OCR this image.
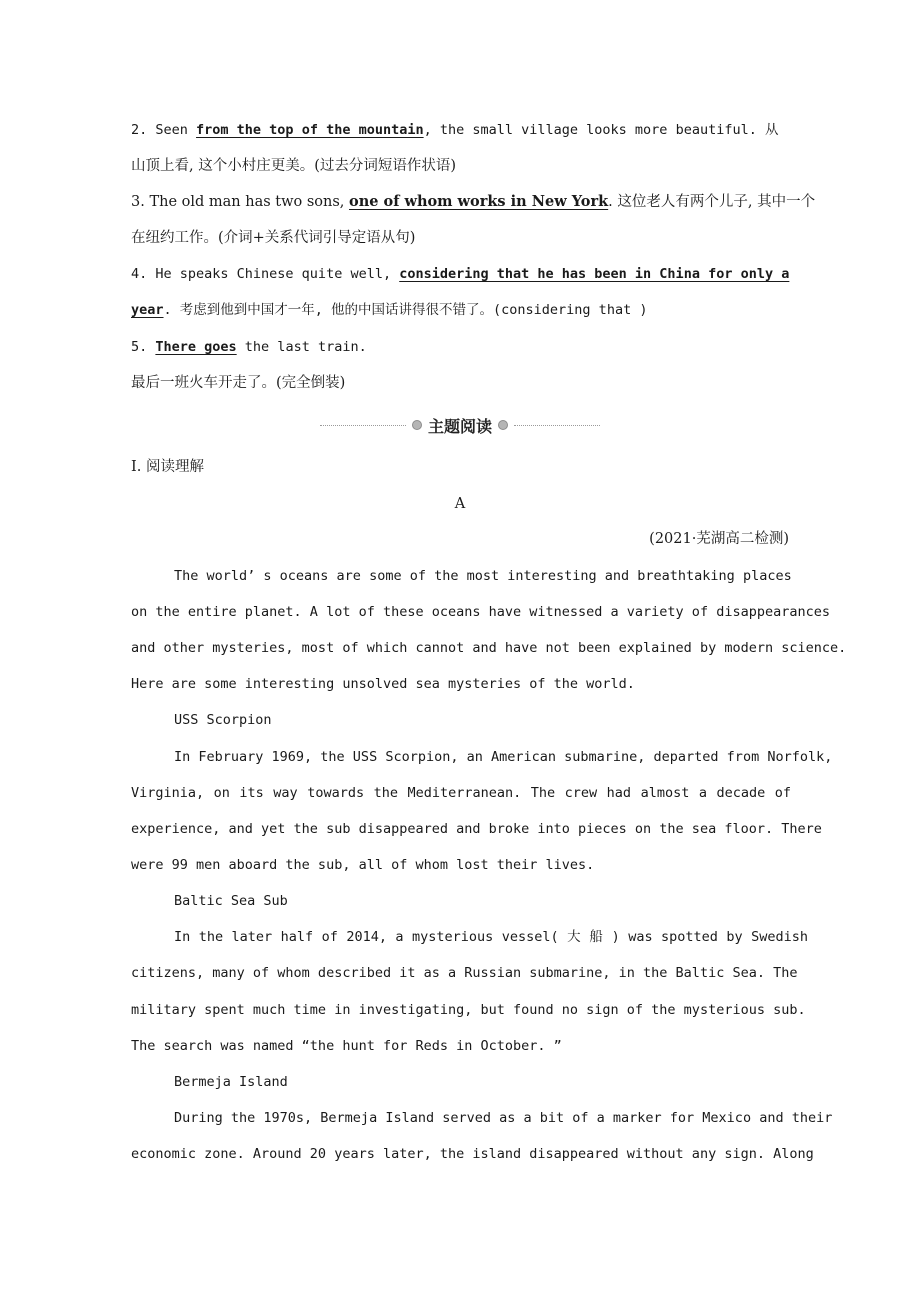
2. Seen from the top of the mountain, the small village looks more beautiful. 从
山顶上看, 这个小村庄更美。(过去分词短语作状语)
3. The old man has two sons, one of whom works in New York. 这位老人有两个儿子, 其中一个
在纽约工作。(介词+关系代词引导定语从句)
4. He speaks Chinese quite well, considering that he has been in China for only a
year. 考虑到他到中国才一年, 他的中国话讲得很不错了。(considering that )
5. There goes the last train.
最后一班火车开走了。(完全倒装)
主题阅读
Ⅰ. 阅读理解
A
(2021·芜湖高二检测)
The world’ s oceans are some of the most interesting and breathtaking places
on the entire planet. A lot of these oceans have witnessed a variety of disappearances
and other mysteries, most of which cannot and have not been explained by modern science.
Here are some interesting unsolved sea mysteries of the world.
USS Scorpion
In February 1969, the USS Scorpion, an American submarine, departed from Norfolk,
Virginia, on its way towards the Mediterranean. The crew had almost a decade of
experience, and yet the sub disappeared and broke into pieces on the sea floor. There
were 99 men aboard the sub, all of whom lost their lives.
Baltic Sea Sub
In the later half of 2014, a mysterious vessel( 大 船 ) was spotted by Swedish
citizens, many of whom described it as a Russian submarine, in the Baltic Sea. The
military spent much time in investigating, but found no sign of the mysterious sub.
The search was named “the hunt for Reds in October. ”
Bermeja Island
During the 1970s, Bermeja Island served as a bit of a marker for Mexico and their
economic zone. Around 20 years later, the island disappeared without any sign. Along
